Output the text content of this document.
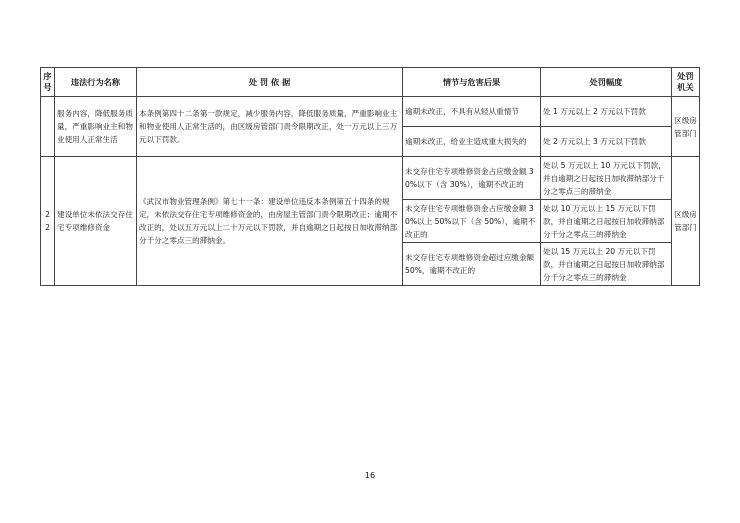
序号	违法行为名称	处 罚 依 据	情节与危害后果	处罚幅度	处罚机关
	服务内容，降低服务质量，严重影响业主和物业使用人正常生活	本条例第四十二条第一款规定，减少服务内容，降低服务质量，严重影响业主和物业使用人正常生活的，由区级房管部门责令限期改正，处一万元以上三万元以下罚款。	逾期未改正，不具有从轻从重情节	处 1 万元以上 2 万元以下罚款	区级房管部门
			逾期未改正，给业主造成重大损失的	处 2 万元以上 3 万元以下罚款	
22	建设单位未依法交存住宅专项维修资金	《武汉市物业管理条例》第七十一条：建设单位违反本条例第五十四条的规定，未依法交存住宅专项维修资金的，由房屋主管部门责令限期改正；逾期不改正的，处以五万元以上二十万元以下罚款，并自逾期之日起按日加收滞纳部分千分之零点三的滞纳金。	未交存住宅专项维修资金占应缴金额 30%以下（含 30%），逾期不改正的	处以 5 万元以上 10 万元以下罚款，并自逾期之日起按日加收滞纳部分千分之零点三的滞纳金	区级房管部门
			未交存住宅专项维修资金占应缴金额 30%以上 50%以下（含 50%），逾期不改正的	处以 10 万元以上 15 万元以下罚款，并自逾期之日起按日加收滞纳部分千分之零点三的滞纳金	
			未交存住宅专项维修资金超过应缴金额 50%，逾期不改正的	处以 15 万元以上 20 万元以下罚款，并自逾期之日起按日加收滞纳部分千分之零点三的滞纳金	
16
